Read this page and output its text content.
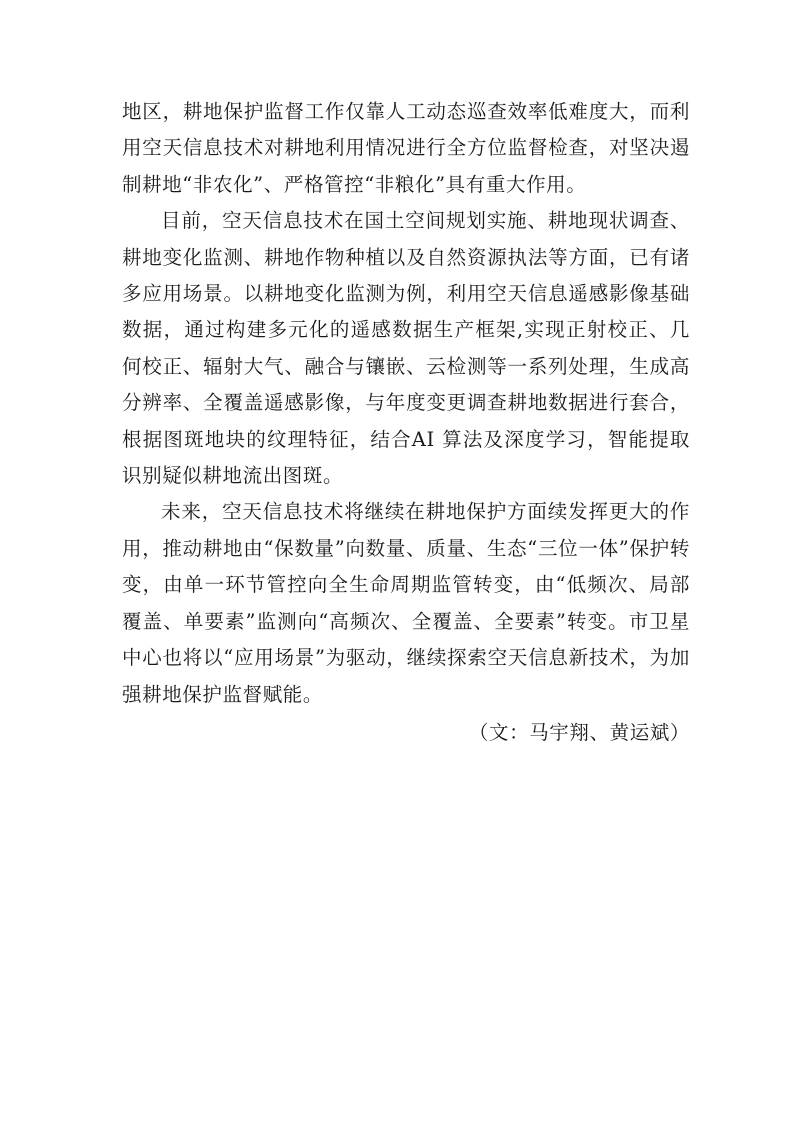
地区，耕地保护监督工作仅靠人工动态巡查效率低难度大，而利用空天信息技术对耕地利用情况进行全方位监督检查，对坚决遏制耕地“非农化”、严格管控“非粮化”具有重大作用。

目前，空天信息技术在国土空间规划实施、耕地现状调查、耕地变化监测、耕地作物种植以及自然资源执法等方面，已有诸多应用场景。以耕地变化监测为例，利用空天信息遥感影像基础数据，通过构建多元化的遥感数据生产框架,实现正射校正、几何校正、辐射大气、融合与镶嵌、云检测等一系列处理，生成高分辨率、全覆盖遥感影像，与年度变更调查耕地数据进行套合，根据图斑地块的纹理特征，结合AI 算法及深度学习，智能提取识别疑似耕地流出图斑。

未来，空天信息技术将继续在耕地保护方面续发挥更大的作用，推动耕地由“保数量”向数量、质量、生态“三位一体”保护转变，由单一环节管控向全生命周期监管转变，由“低频次、局部覆盖、单要素”监测向“高频次、全覆盖、全要素”转变。市卫星中心也将以“应用场景”为驱动，继续探索空天信息新技术，为加强耕地保护监督赋能。

（文：马宇翔、黄运斌）
